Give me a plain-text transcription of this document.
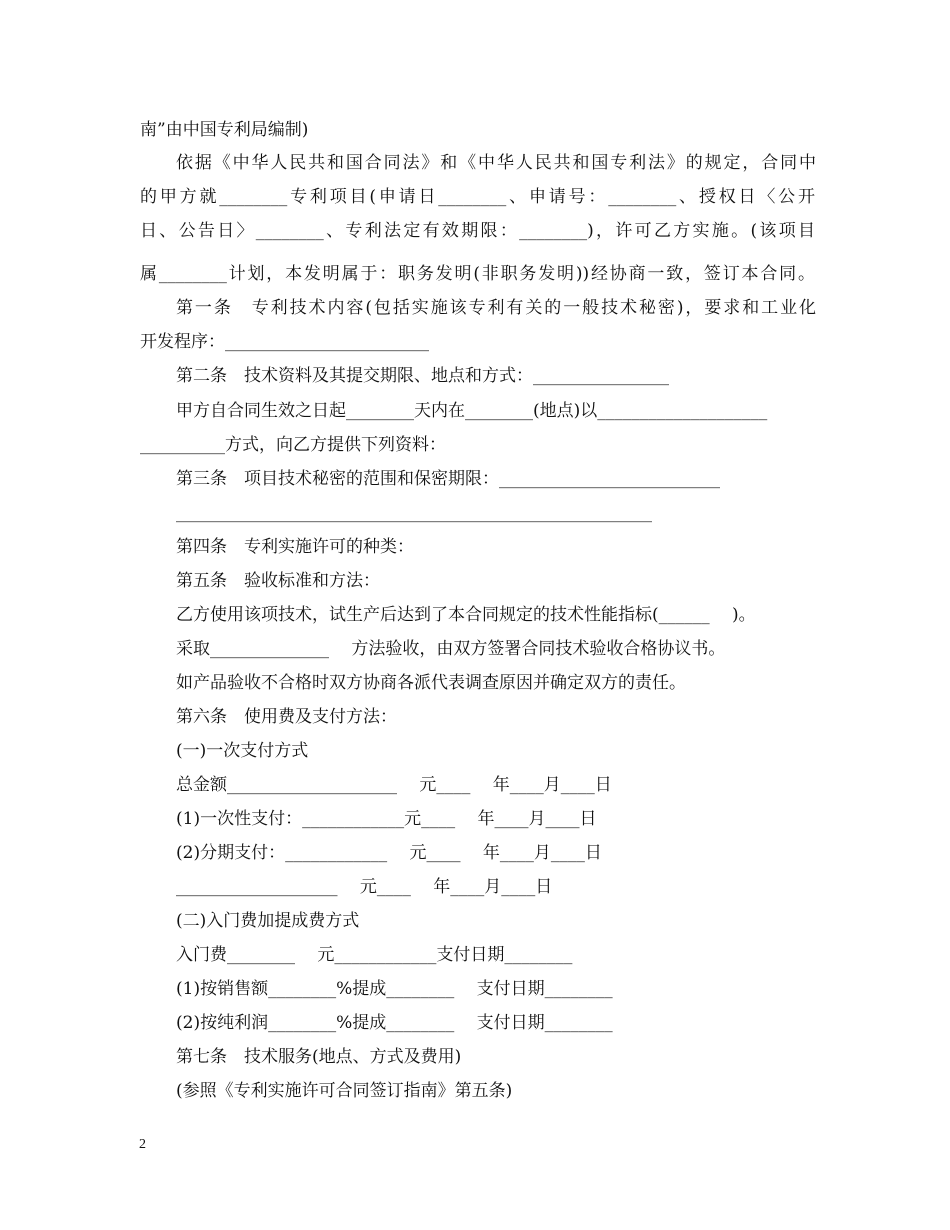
南”由中国专利局编制)
依据《中华人民共和国合同法》和《中华人民共和国专利法》的规定，合同中
的甲方就________专利项目(申请日________、申请号：________、授权日〈公开
日、公告日〉________、专利法定有效期限：________)，许可乙方实施。(该项目
属________计划，本发明属于：职务发明(非职务发明))经协商一致，签订本合同。
第一条　专利技术内容(包括实施该专利有关的一般技术秘密)，要求和工业化
开发程序：________________________
第二条　技术资料及其提交期限、地点和方式：________________
甲方自合同生效之日起________天内在________(地点)以____________________
__________方式，向乙方提供下列资料：
第三条　项目技术秘密的范围和保密期限：__________________________
________________________________________________________
第四条　专利实施许可的种类：
第五条　验收标准和方法：
乙方使用该项技术，试生产后达到了本合同规定的技术性能指标(______　 )。
采取______________　 方法验收，由双方签署合同技术验收合格协议书。
如产品验收不合格时双方协商各派代表调查原因并确定双方的责任。
第六条　使用费及支付方法：
(一)一次支付方式
总金额____________________　 元____　 年____月____日
(1)一次性支付：____________元____　 年____月____日
(2)分期支付：____________　 元____　 年____月____日
___________________　 元____　 年____月____日
(二)入门费加提成费方式
入门费________　 元____________支付日期________
(1)按销售额________%提成________　 支付日期________
(2)按纯利润________%提成________　 支付日期________
第七条　技术服务(地点、方式及费用)
(参照《专利实施许可合同签订指南》第五条)
2
